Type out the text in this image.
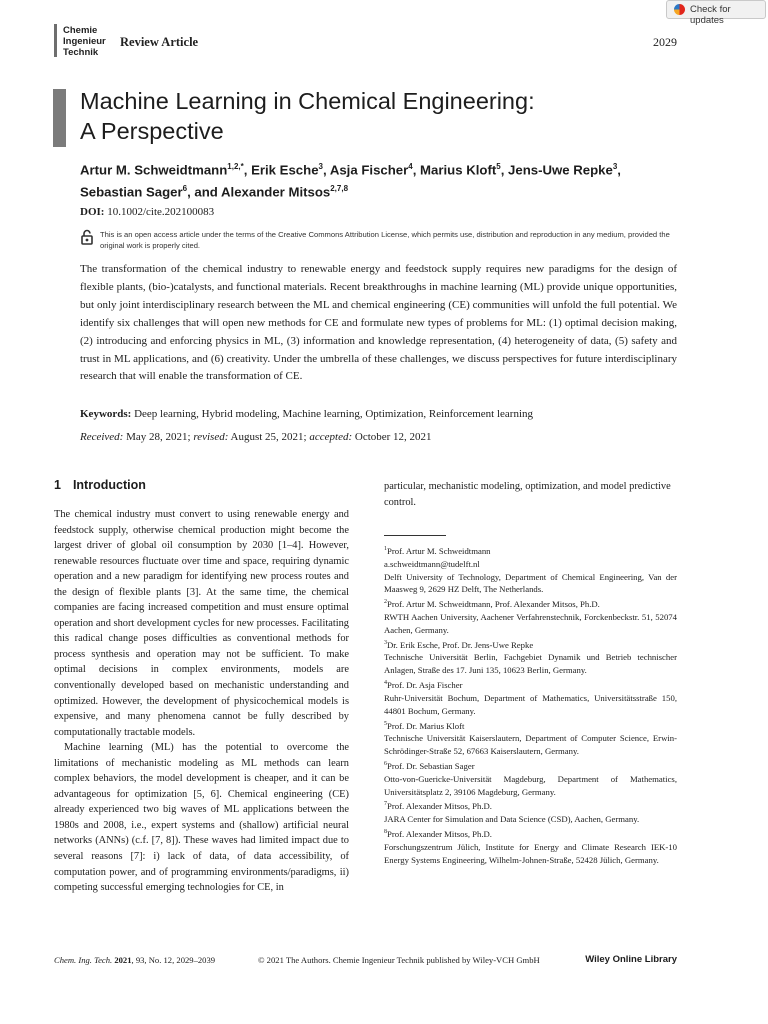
Chemie
Ingenieur
Technik
Review Article	2029
Check for updates
Machine Learning in Chemical Engineering:
A Perspective
Artur M. Schweidtmann$^{1,2,*}$, Erik Esche$^3$, Asja Fischer$^4$, Marius Kloft$^5$, Jens-Uwe Repke$^3$,
Sebastian Sager$^6$, and Alexander Mitsos$^{2,7,8}$
DOI: 10.1002/cite.202100083
This is an open access article under the terms of the Creative Commons Attribution License, which permits use, distribution and reproduction in any medium, provided the original work is properly cited.
The transformation of the chemical industry to renewable energy and feedstock supply requires new paradigms for the design of flexible plants, (bio-)catalysts, and functional materials. Recent breakthroughs in machine learning (ML) provide unique opportunities, but only joint interdisciplinary research between the ML and chemical engineering (CE) communities will unfold the full potential. We identify six challenges that will open new methods for CE and formulate new types of problems for ML: (1) optimal decision making, (2) introducing and enforcing physics in ML, (3) information and knowledge representation, (4) heterogeneity of data, (5) safety and trust in ML applications, and (6) creativity. Under the umbrella of these challenges, we discuss perspectives for future interdisciplinary research that will enable the transformation of CE.
Keywords: Deep learning, Hybrid modeling, Machine learning, Optimization, Reinforcement learning
Received: May 28, 2021; revised: August 25, 2021; accepted: October 12, 2021
1 Introduction

The chemical industry must convert to using renewable energy and feedstock supply, otherwise chemical production might become the largest driver of global oil consumption by 2030 [1–4]. However, renewable resources fluctuate over time and space, requiring dynamic operation and a new paradigm for identifying new process routes and the design of flexible plants [3]. At the same time, the chemical companies are facing increased competition and must ensure optimal operation and short development cycles for new processes. Facilitating this radical change poses difficulties as conventional methods for process synthesis and operation may not be sufficient. To make optimal decisions in complex environments, models are conventionally developed based on mechanistic understanding and optimized. However, the development of physicochemical models is expensive, and many phenomena cannot be fully described by computationally tractable models.

Machine learning (ML) has the potential to overcome the limitations of mechanistic modeling as ML methods can learn complex behaviors, the model development is cheaper, and it can be advantageous for optimization [5, 6]. Chemical engineering (CE) already experienced two big waves of ML applications between the 1980s and 2008, i.e., expert systems and (shallow) artificial neural networks (ANNs) (c.f. [7, 8]). These waves had limited impact due to several reasons [7]: i) lack of data, of data accessibility, of computation power, and of programming environments/paradigms, ii) competing successful emerging technologies for CE, in

particular, mechanistic modeling, optimization, and model predictive control.
$^1$Prof. Artur M. Schweidtmann
a.schweidtmann@tudelft.nl
Delft University of Technology, Department of Chemical Engineering, Van der Maasweg 9, 2629 HZ Delft, The Netherlands.
$^2$Prof. Artur M. Schweidtmann, Prof. Alexander Mitsos, Ph.D.
RWTH Aachen University, Aachener Verfahrenstechnik, Forckenbeckstr. 51, 52074 Aachen, Germany.
$^3$Dr. Erik Esche, Prof. Dr. Jens-Uwe Repke
Technische Universität Berlin, Fachgebiet Dynamik und Betrieb technischer Anlagen, Straße des 17. Juni 135, 10623 Berlin, Germany.
$^4$Prof. Dr. Asja Fischer
Ruhr-Universität Bochum, Department of Mathematics, Universitätsstraße 150, 44801 Bochum, Germany.
$^5$Prof. Dr. Marius Kloft
Technische Universität Kaiserslautern, Department of Computer Science, Erwin-Schrödinger-Straße 52, 67663 Kaiserslautern, Germany.
$^6$Prof. Dr. Sebastian Sager
Otto-von-Guericke-Universität Magdeburg, Department of Mathematics, Universitätsplatz 2, 39106 Magdeburg, Germany.
$^7$Prof. Alexander Mitsos, Ph.D.
JARA Center for Simulation and Data Science (CSD), Aachen, Germany.
$^8$Prof. Alexander Mitsos, Ph.D.
Forschungszentrum Jülich, Institute for Energy and Climate Research IEK-10 Energy Systems Engineering, Wilhelm-Johnen-Straße, 52428 Jülich, Germany.
Chem. Ing. Tech. 2021, 93, No. 12, 2029–2039	© 2021 The Authors. Chemie Ingenieur Technik published by Wiley-VCH GmbH	Wiley Online Library
